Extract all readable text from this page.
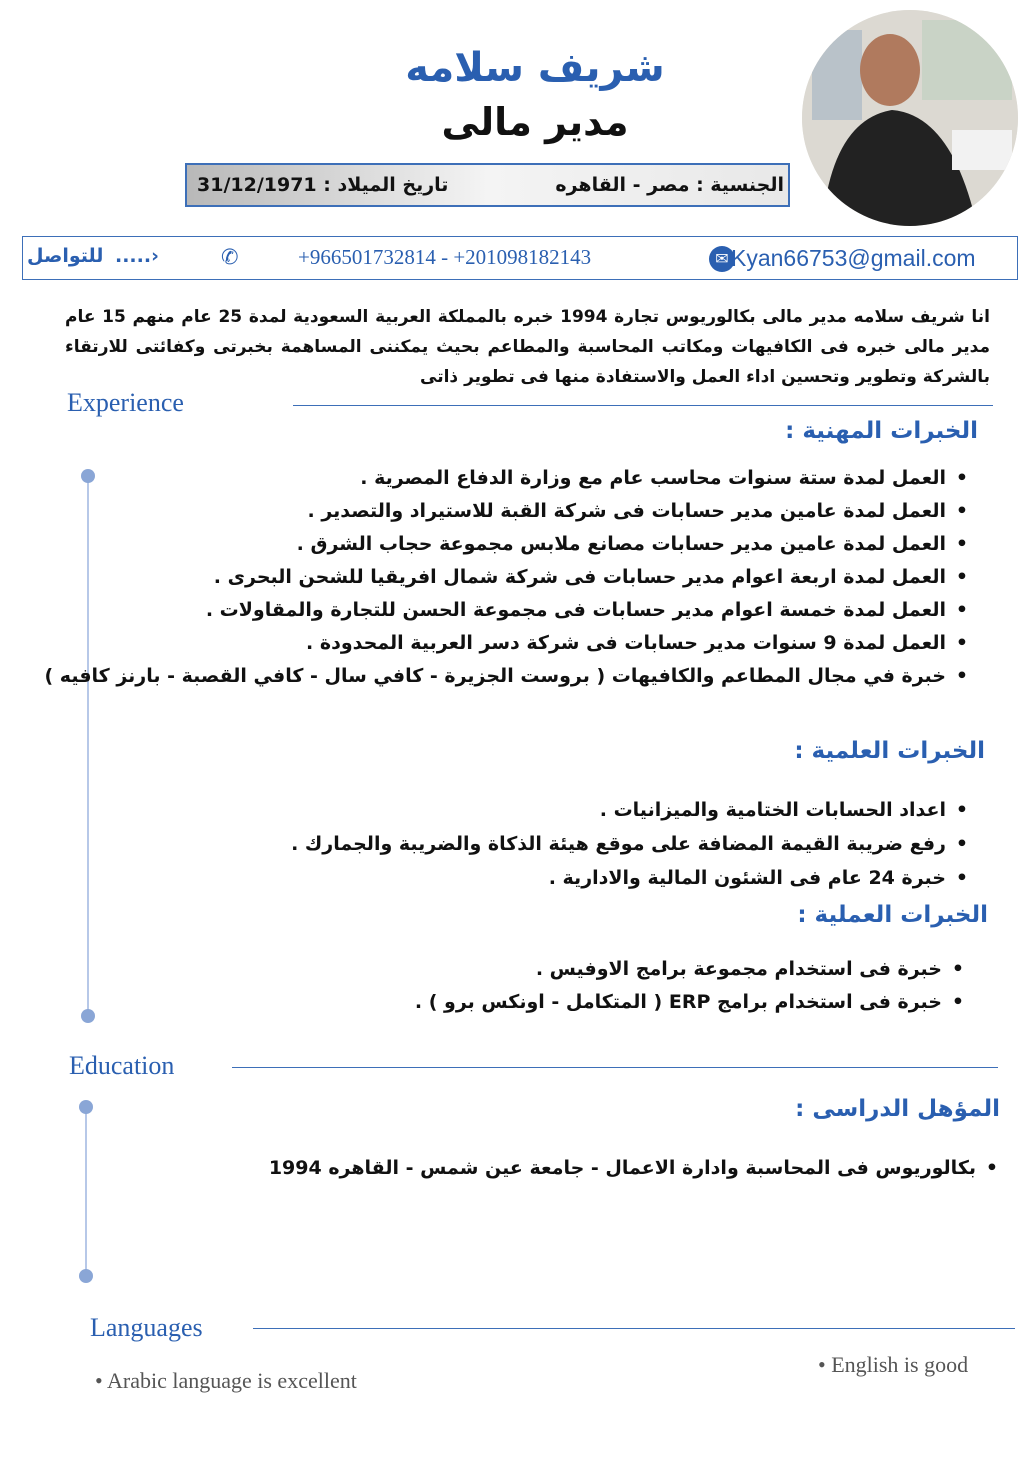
شريف سلامه
مدير مالى
الجنسية : مصر - القاهره
تاريخ الميلاد : 31/12/1971
للتواصل .....›	✆	+966501732814 - +201098182143	✉ Kyan66753@gmail.com
انا شريف سلامه مدير مالى بكالوريوس تجارة 1994 خبره بالمملكة العربية السعودية لمدة 25 عام منهم 15 عام مدير مالى خبره فى الكافيهات ومكاتب المحاسبة والمطاعم بحيث يمكننى المساهمة بخبرتى وكفائتى للارتقاء بالشركة وتطوير وتحسين اداء العمل والاستفادة منها فى تطوير ذاتى
Experience
الخبرات المهنية :
• العمل لمدة ستة سنوات محاسب عام مع وزارة الدفاع المصرية .
• العمل لمدة عامين مدير حسابات فى شركة القبة للاستيراد والتصدير .
• العمل لمدة عامين مدير حسابات مصانع ملابس مجموعة حجاب الشرق .
• العمل لمدة اربعة اعوام مدير حسابات فى شركة شمال افريقيا للشحن البحرى .
• العمل لمدة خمسة اعوام مدير حسابات فى مجموعة الحسن للتجارة والمقاولات .
• العمل لمدة 9 سنوات مدير حسابات فى شركة دسر العربية المحدودة .
• خبرة في مجال المطاعم والكافيهات ( بروست الجزيرة - كافي سال - كافي القصبة - بارنز كافيه )
الخبرات العلمية :
• اعداد الحسابات الختامية والميزانيات .
• رفع ضريبة القيمة المضافة على موقع هيئة الذكاة والضريبة والجمارك .
• خبرة 24 عام فى الشئون المالية والادارية .
الخبرات العملية :
• خبرة فى استخدام مجموعة برامج الاوفيس .
• خبرة فى استخدام برامج ERP ( المتكامل - اونكس برو ) .
Education
المؤهل الدراسى :
• بكالوريوس فى المحاسبة وادارة الاعمال - جامعة عين شمس - القاهره 1994
Languages
• English is good
• Arabic language is excellent
